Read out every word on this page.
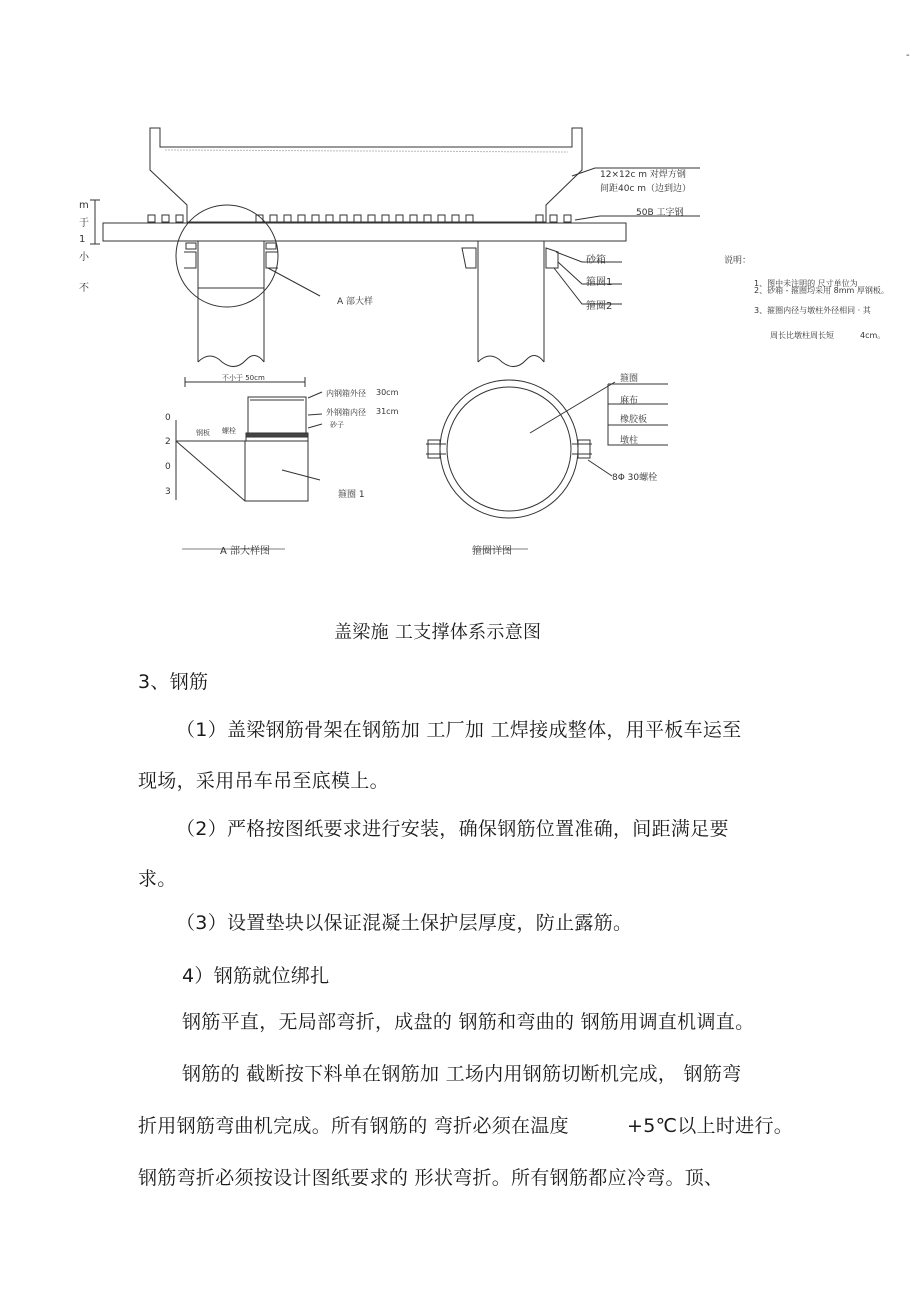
-
m
于
1
小
不
12×12c m 对焊方钢
间距40c m（边到边）
50B 工字钢
砂箱
箍圈1
箍圈2
A 部大样
说明：
1、图中未注明的 尺寸单位为
2、砂箱 - 箍圈均采用 8mm 厚钢板。
3、箍圈内径与墩柱外径相同 · 其
周长比墩柱周长短	4cm。
不小于 50cm
内钢箱外径 30cm
外钢箱内径 31cm
砂子
钢板 螺栓
箍圈 1
0
2
0
3
A 部大样图
箍圈
麻布
橡胶板
墩柱
8Φ 30螺栓
箍圈详图
盖梁施 工支撑体系示意图
3、钢筋
（1）盖梁钢筋骨架在钢筋加 工厂加 工焊接成整体，用平板车运至
现场，采用吊车吊至底模上。
（2）严格按图纸要求进行安装，确保钢筋位置准确，间距满足要
求。
（3）设置垫块以保证混凝土保护层厚度，防止露筋。
4）钢筋就位绑扎
钢筋平直，无局部弯折，成盘的 钢筋和弯曲的 钢筋用调直机调直。
钢筋的 截断按下料单在钢筋加 工场内用钢筋切断机完成， 钢筋弯
折用钢筋弯曲机完成。所有钢筋的 弯折必须在温度	+5℃以上时进行。
钢筋弯折必须按设计图纸要求的 形状弯折。所有钢筋都应冷弯。顶、
